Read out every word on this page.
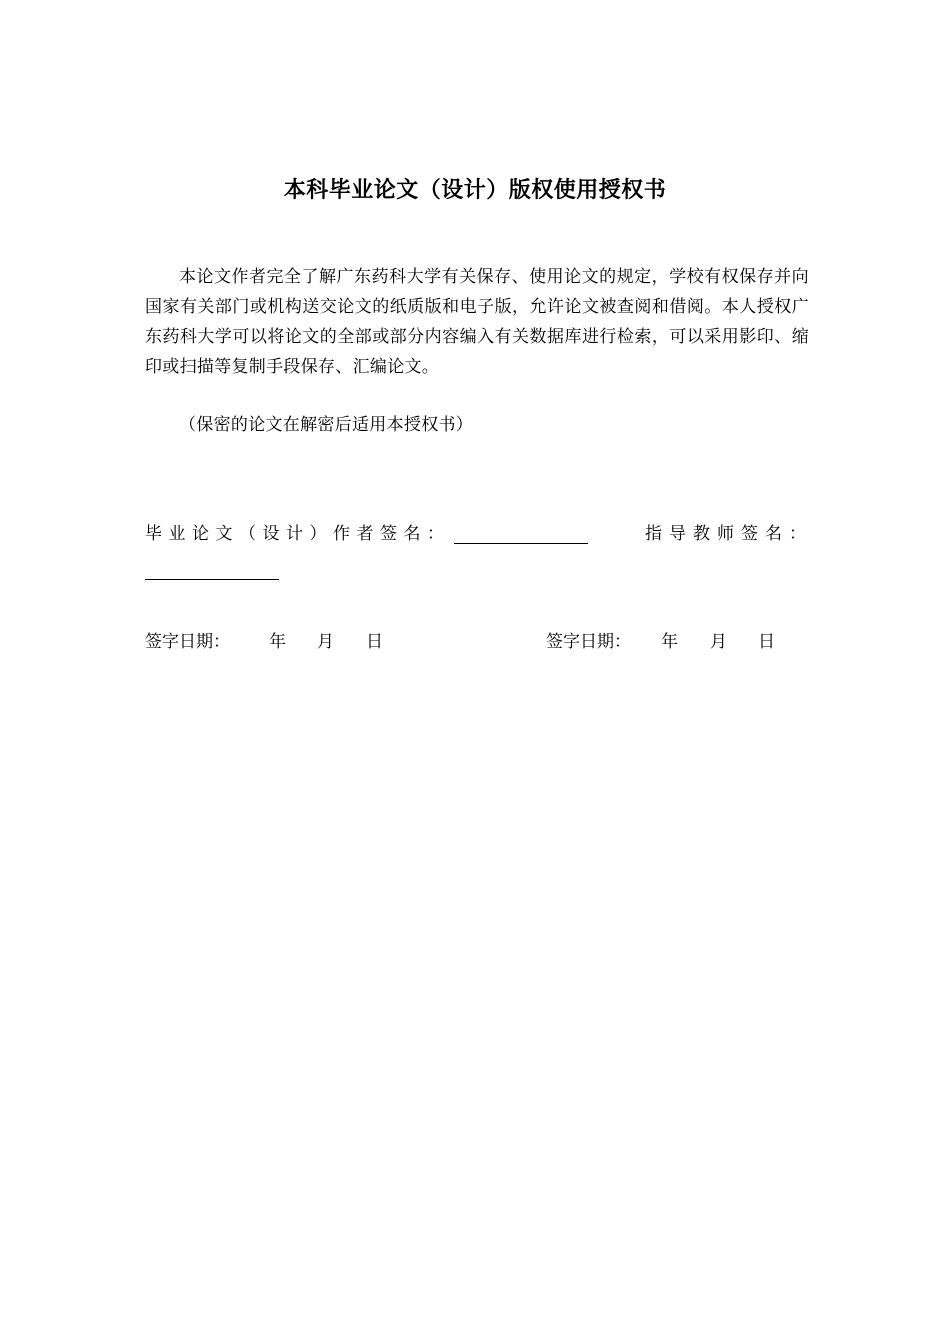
本科毕业论文（设计）版权使用授权书
本论文作者完全了解广东药科大学有关保存、使用论文的规定，学校有权保存并向国家有关部门或机构送交论文的纸质版和电子版，允许论文被查阅和借阅。本人授权广东药科大学可以将论文的全部或部分内容编入有关数据库进行检索，可以采用影印、缩印或扫描等复制手段保存、汇编论文。
（保密的论文在解密后适用本授权书）
毕业论文（设计）作者签名：	指导教师签名：
签字日期： 年 月 日	签字日期： 年 月 日
